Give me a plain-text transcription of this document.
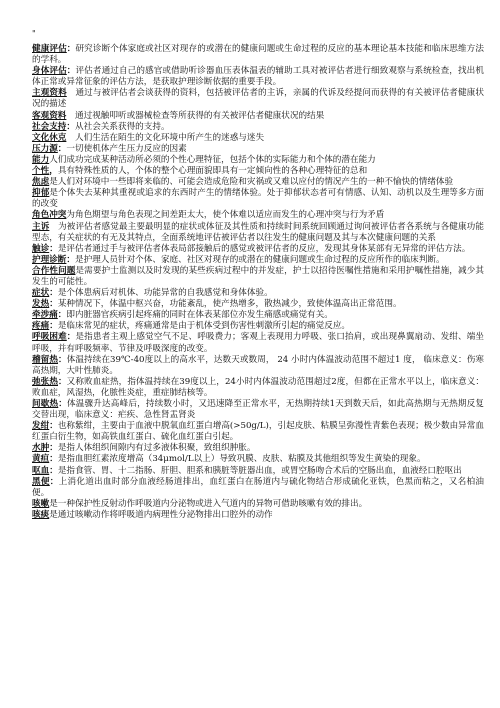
"

健康评估：研究诊断个体家庭或社区对现存的或潜在的健康问题或生命过程的反应的基本理论基本技能和临床思维方法的学科。

身体评估：评估者通过自己的感官或借助听诊器血压表体温表的辅助工具对被评估者进行细致观察与系统检查，找出机体正常或异常征象的评估方法，是获取护理诊断依据的重要手段。

主观资料　 通过与被评估者会谈获得的资料，包括被评估者的主诉，亲属的代诉及经提问而获得的有关被评估者健康状况的描述

客观资料　 通过视触叩听或器械检查等所获得的有关被评估者健康状况的结果

社会支持：从社会关系获得的支持。

文化休克　 人们生活在陌生的文化环境中所产生的迷惑与迷失

压力源：一切使机体产生压力反应的因素

能力人们成功完成某种活动所必须的个性心理特征，包括个体的实际能力和个体的潜在能力

个性，具有特殊性质的人，个体的整个心理面貌即具有一定倾向性的各种心理特征的总和

焦虑是人们对环境中一些即将来临的、可能会造成危险和灾祸或又难以应付的情况产生的一种不愉快的情绪体验

抑郁是个体失去某种其重视或追求的东西时产生的情绪体验。处于抑郁状态者可有情感、认知、动机以及生理等多方面的改变

角色冲突为角色期望与角色表现之间差距太大，使个体难以适应而发生的心理冲突与行为矛盾

主诉　 为被评估者感觉最主要最明显的症状或体征及其性质和持续时间系统回顾通过询问被评估者各系统与各健康功能型态，有关症状的有无及其特点，全面系统地评估被评估者以往发生的健康问题及其与本次健康问题的关系

触诊：是评估者通过手与被评估者体表局部接触后的感觉或被评估者的反应，发现其身体某部有无异常的评估方法。

护理诊断：是护理人员针对个体、家庭、社区对现存的或潜在的健康问题或生命过程的反应所作的临床判断。

合作性问题是需要护士监测以及时发现的某些疾病过程中的并发症，护士以招待医嘱性措施和采用护嘱性措施，减少其发生的可能性。

症状：是个体患病后对机体、功能异常的自我感觉和身体体验。

发热：某种情况下，体温中枢兴奋，功能紊乱，使产热增多，散热减少，致使体温高出正常范围。

牵涉痛：即内脏器官疾病引起疼痛的同时在体表某部位亦发生痛感或痛觉有关。

疼痛：是临床常见的症状，疼痛通常是由于机体受到伤害性刺激所引起的痛觉反应。

呼吸困难：是指患者主观上感觉空气不足、呼吸费力；客观上表现用力呼吸、张口抬肩，或出现鼻翼扇动、发绀、端坐呼吸，并有呼吸频率、节律及呼吸深度的改变。

稽留热：体温持续在39℃-40度以上的高水平，达数天或数周， 24 小时内体温波动范围不超过1 度， 临床意义：伤寒高热期，大叶性肺炎。

弛张热：又称败血症热，指体温持续在39度以上，24小时内体温波动范围超过2度，但都在正常水平以上，临床意义：败血症，风湿热，化脓性炎症，重症肺结核等。

间歇热：体温骤升达高峰后，持续数小时，又迅速降至正常水平，无热期持续1天到数天后，如此高热期与无热期反复交替出现，临床意义：疟疾、急性肾盂肾炎

发绀：也称紫绀，主要由于血液中脱氧血红蛋白增高(>50g/L)，引起皮肤、粘膜呈弥漫性青紫色表现；极少数由异常血红蛋白衍生物，如高铁血红蛋白、硫化血红蛋白引起。

水肿：是指人体组织间隙内有过多液体积聚，致组织肿胀。

黄疸：是指血胆红素浓度增高（34μmol/L以上）导致巩膜、皮肤、粘膜及其他组织等发生黄染的现象。

呕血：是指食管、胃、十二指肠、肝胆、胆系和胰脏等脏器出血，或胃空肠吻合术后的空肠出血，血液经口腔呕出

黑便：上消化道出血时部分血液经肠道排出，血红蛋白在肠道内与硫化物结合形成硫化亚铁，色黑而粘之，又名柏油便。

咳嗽是一种保护性反射动作呼吸道内分泌物或进入气道内的异物可借助咳嗽有效的排出。

咳痰是通过咳嗽动作将呼吸道内病理性分泌物排出口腔外的动作
